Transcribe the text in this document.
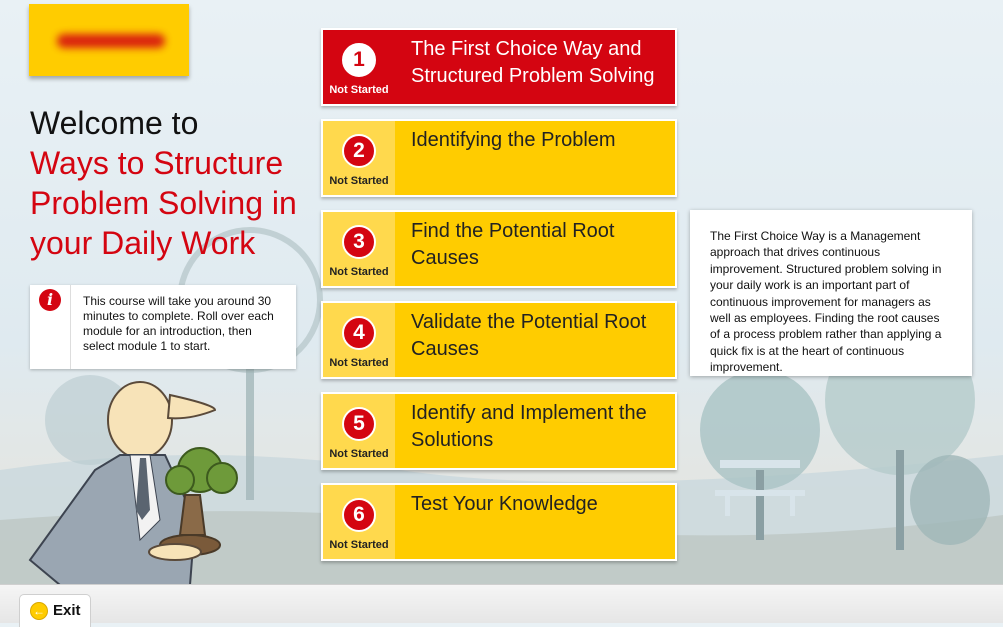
Welcome to
Ways to Structure Problem Solving in your Daily Work
i	This course will take you around 30 minutes to complete. Roll over each module for an introduction, then select module 1 to start.
1
Not Started
The First Choice Way and Structured Problem Solving
2
Not Started
Identifying the Problem
3
Not Started
Find the Potential Root Causes
4
Not Started
Validate the Potential Root Causes
5
Not Started
Identify and Implement the Solutions
6
Not Started
Test Your Knowledge
The First Choice Way is a Management approach that drives continuous improvement. Structured problem solving in your daily work is an important part of continuous improvement for managers as well as employees. Finding the root causes of a process problem rather than applying a quick fix is at the heart of continuous improvement.
← Exit
